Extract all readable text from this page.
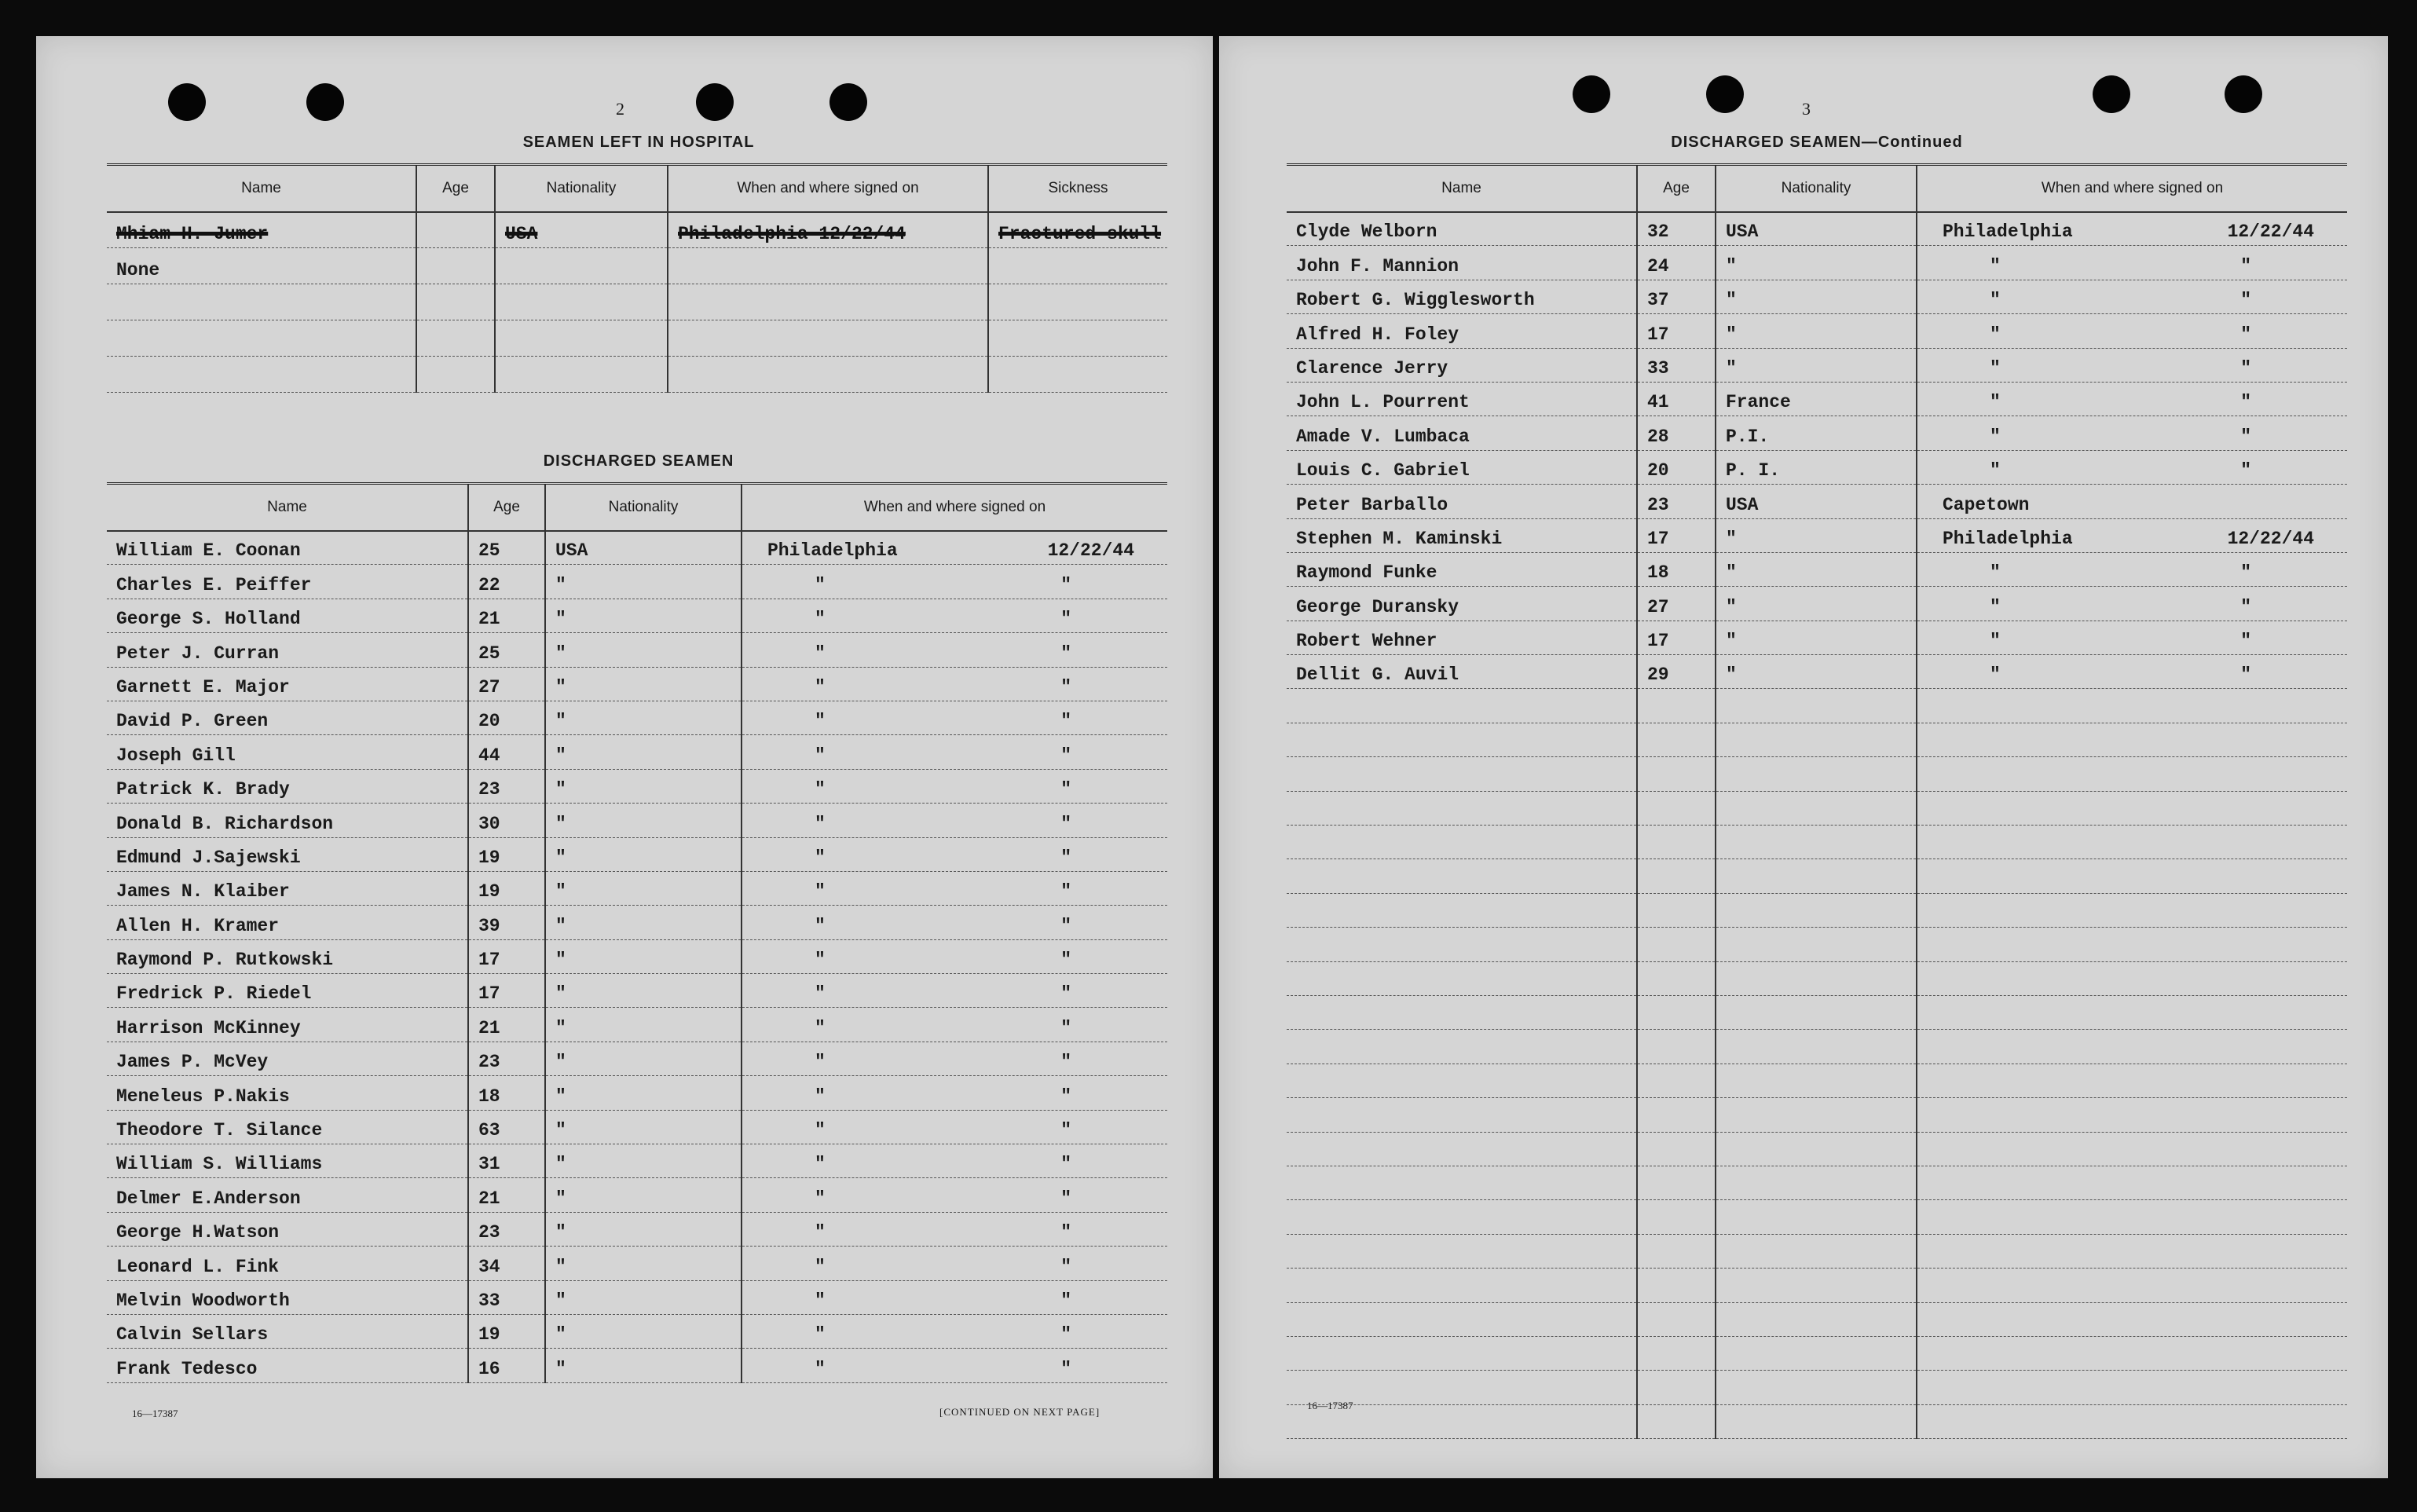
2
SEAMEN LEFT IN HOSPITAL
Name	Age	Nationality	When and where signed on	Sickness
Mhiam H. Jumer		USA	Philadelphia 12/22/44	Fractured skull
None				

DISCHARGED SEAMEN
Name	Age	Nationality	When and where signed on
William E. Coonan	25	USA	Philadelphia 12/22/44

Charles E. Peiffer	22	"	" "

George S. Holland	21	"	" "

Peter J. Curran	25	"	" "

Garnett E. Major	27	"	" "

David P. Green	20	"	" "

Joseph Gill	44	"	" "

Patrick K. Brady	23	"	" "

Donald B. Richardson	30	"	" "

Edmund J.Sajewski	19	"	" "

James N. Klaiber	19	"	" "

Allen H. Kramer	39	"	" "

Raymond P. Rutkowski	17	"	" "

Fredrick P. Riedel	17	"	" "

Harrison McKinney	21	"	" "

James P. McVey	23	"	" "

Meneleus P.Nakis	18	"	" "

Theodore T. Silance	63	"	" "

William S. Williams	31	"	" "

Delmer E.Anderson	21	"	" "

George H.Watson	23	"	" "

Leonard L. Fink	34	"	" "

Melvin Woodworth	33	"	" "

Calvin Sellars	19	"	" "

Frank Tedesco	16	"	" "
16—17387	[CONTINUED ON NEXT PAGE]
3
DISCHARGED SEAMEN—Continued
Name	Age	Nationality	When and where signed on
Clyde Welborn	32	USA	Philadelphia 12/22/44

John F. Mannion	24	"	" "

Robert G. Wigglesworth	37	"	" "

Alfred H. Foley	17	"	" "

Clarence Jerry	33	"	" "

John L. Pourrent	41	France	" "

Amade V. Lumbaca	28	P.I.	" "

Louis C. Gabriel	20	P. I.	" "

Peter Barballo	23	USA	Capetown

Stephen M. Kaminski	17	"	Philadelphia 12/22/44

Raymond Funke	18	"	" "

George Duransky	27	"	" "

Robert Wehner	17	"	" "

Dellit G. Auvil	29	"	" "

16—17387
